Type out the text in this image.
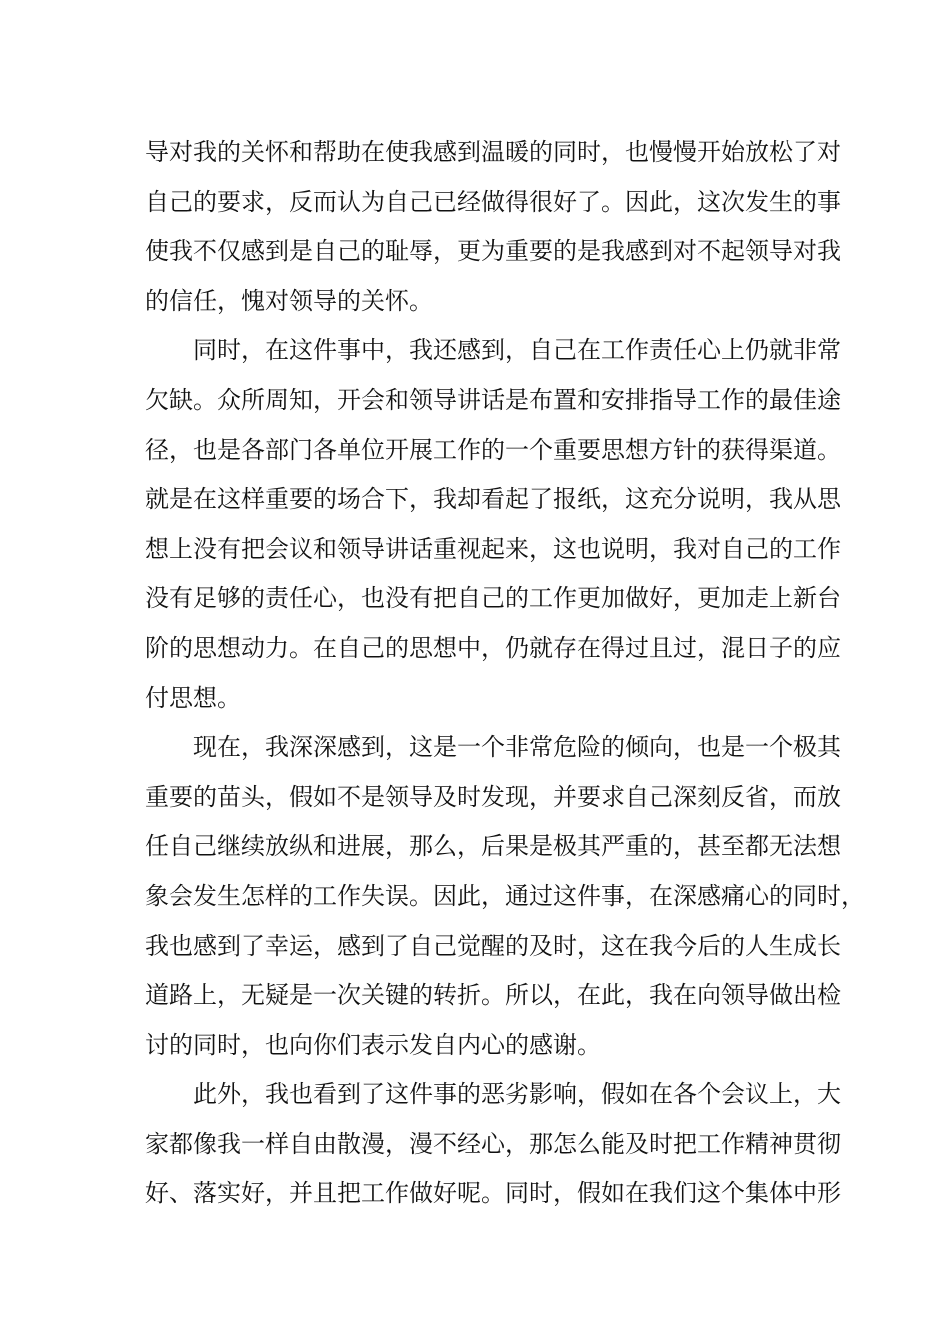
导对我的关怀和帮助在使我感到温暖的同时，也慢慢开始放松了对
自己的要求，反而认为自己已经做得很好了。因此，这次发生的事
使我不仅感到是自己的耻辱，更为重要的是我感到对不起领导对我
的信任，愧对领导的关怀。
同时，在这件事中，我还感到，自己在工作责任心上仍就非常
欠缺。众所周知，开会和领导讲话是布置和安排指导工作的最佳途
径，也是各部门各单位开展工作的一个重要思想方针的获得渠道。
就是在这样重要的场合下，我却看起了报纸，这充分说明，我从思
想上没有把会议和领导讲话重视起来，这也说明，我对自己的工作
没有足够的责任心，也没有把自己的工作更加做好，更加走上新台
阶的思想动力。在自己的思想中，仍就存在得过且过，混日子的应
付思想。
现在，我深深感到，这是一个非常危险的倾向，也是一个极其
重要的苗头，假如不是领导及时发现，并要求自己深刻反省，而放
任自己继续放纵和进展，那么，后果是极其严重的，甚至都无法想
象会发生怎样的工作失误。因此，通过这件事，在深感痛心的同时，
我也感到了幸运，感到了自己觉醒的及时，这在我今后的人生成长
道路上，无疑是一次关键的转折。所以，在此，我在向领导做出检
讨的同时，也向你们表示发自内心的感谢。
此外，我也看到了这件事的恶劣影响，假如在各个会议上，大
家都像我一样自由散漫，漫不经心，那怎么能及时把工作精神贯彻
好、落实好，并且把工作做好呢。同时，假如在我们这个集体中形
